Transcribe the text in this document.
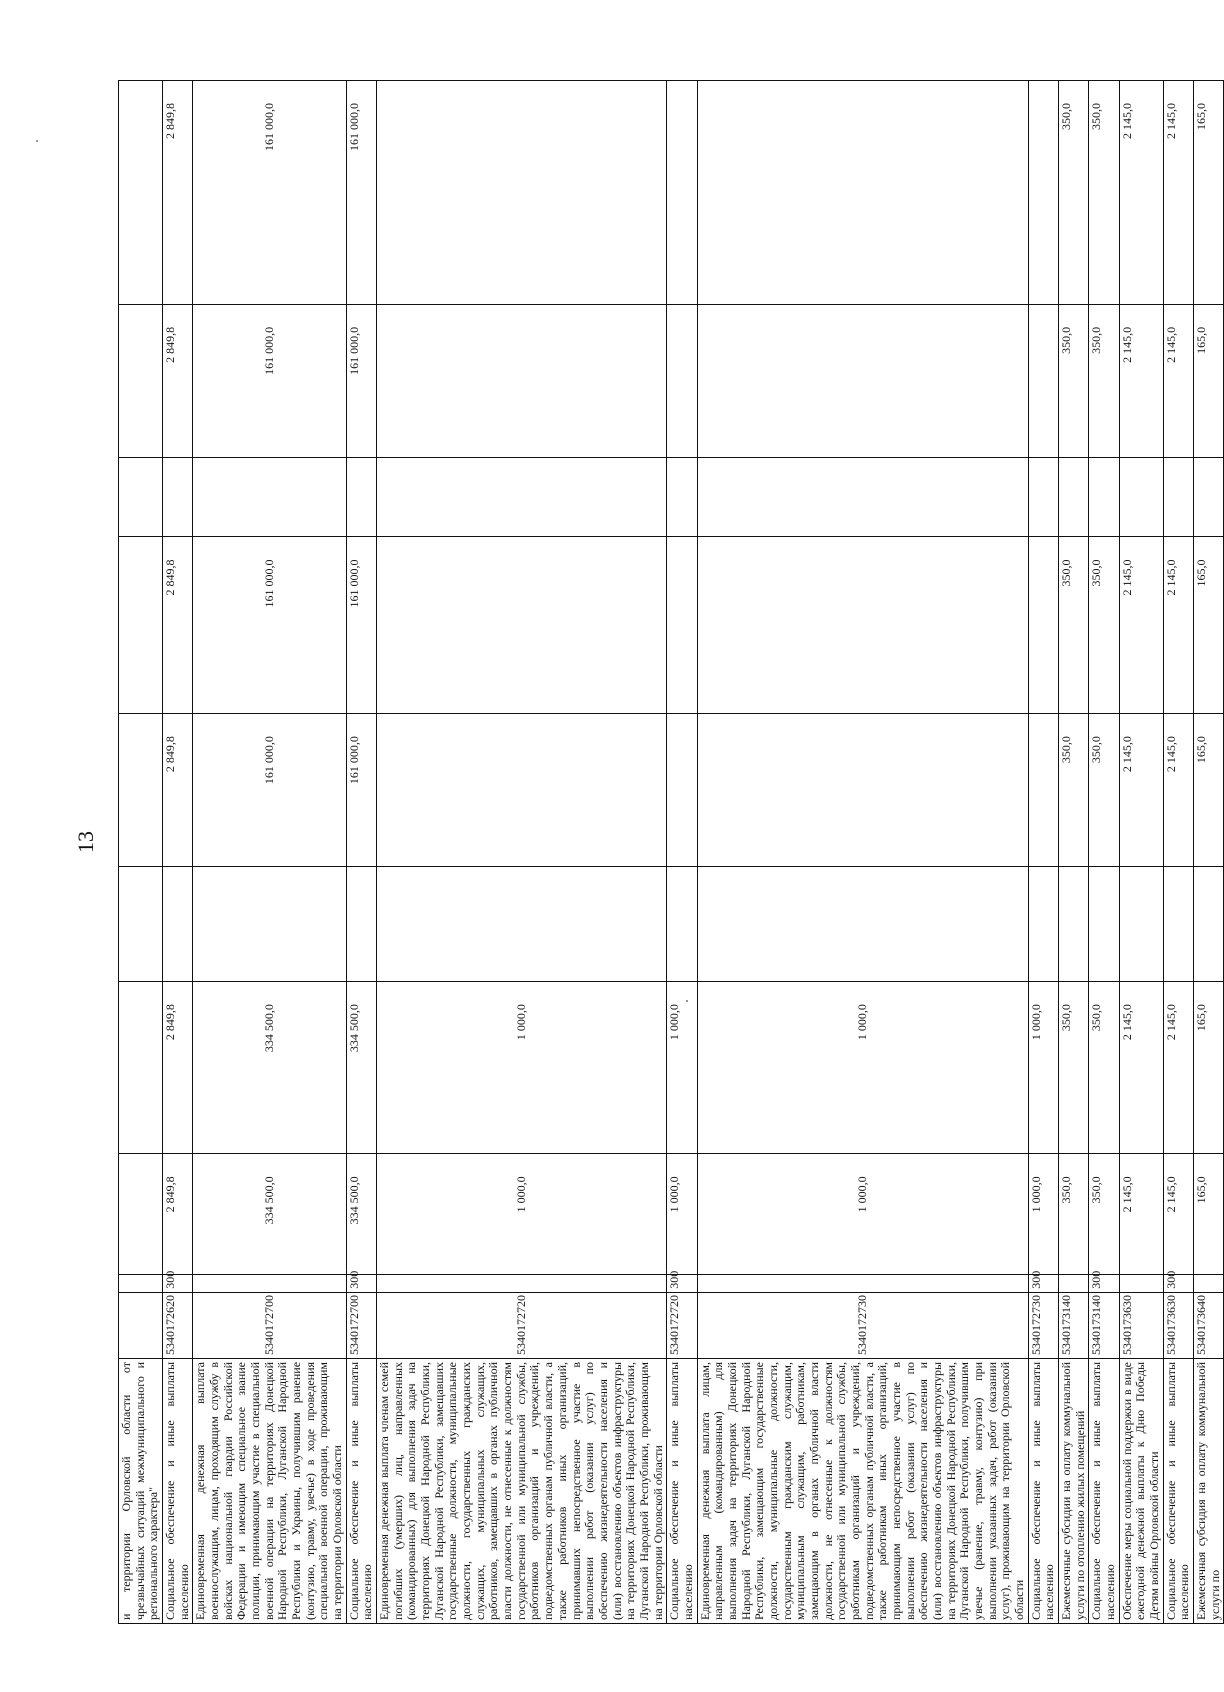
13
и территории Орловской области от чрезвычайных ситуаций межмуниципального и регионального характера"										
Социальное обеспечение и иные выплаты населению	5340172620	300	2 849,8	2 849,8		2 849,8	2 849,8		2 849,8	2 849,8
Единовременная денежная выплата военнослужащим, лицам, проходящим службу в войсках национальной гвардии Российской Федерации и имеющим специальное звание полиции, принимающим участие в специальной военной операции на территориях Донецкой Народной Республики, Луганской Народной Республики и Украины, получившим ранение (контузию, травму, увечье) в ходе проведения специальной военной операции, проживающим на территории Орловской области	5340172700		334 500,0	334 500,0		161 000,0	161 000,0		161 000,0	161 000,0
Социальное обеспечение и иные выплаты населению	5340172700	300	334 500,0	334 500,0		161 000,0	161 000,0		161 000,0	161 000,0
Единовременная денежная выплата членам семей погибших (умерших) лиц, направленных (командированных) для выполнения задач на территориях Донецкой Народной Республики, Луганской Народной Республики, замещавших государственные должности, муниципальные должности, государственных гражданских служащих, муниципальных служащих, работников, замещавших в органах публичной власти должности, не отнесенные к должностям государственной или муниципальной службы, работников организаций и учреждений, подведомственных органам публичной власти, а также работников иных организаций, принимавших непосредственное участие в выполнении работ (оказании услуг) по обеспечению жизнедеятельности населения и (или) восстановлению объектов инфраструктуры на территориях Донецкой Народной Республики, Луганской Народной Республики, проживающим на территории Орловской области	5340172720		1 000,0	1 000,0						
Социальное обеспечение и иные выплаты населению	5340172720	300	1 000,0	1 000,0						
Единовременная денежная выплата лицам, направленным (командированным) для выполнения задач на территориях Донецкой Народной Республики, Луганской Народной Республики, замещающим государственные должности, муниципальные должности, государственным гражданским служащим, муниципальным служащим, работникам, замещающим в органах публичной власти должности, не отнесенные к должностям государственной или муниципальной службы, работникам организаций и учреждений, подведомственных органам публичной власти, а также работникам иных организаций, принимающим непосредственное участие в выполнении работ (оказании услуг) по обеспечению жизнедеятельности населения и (или) восстановлению объектов инфраструктуры на территориях Донецкой Народной Республики, Луганской Народной Республики, получившим увечье (ранение, травму, контузию) при выполнении указанных задач, работ (оказании услуг), проживающим на территории Орловской области	5340172730		1 000,0	1 000,0						
Социальное обеспечение и иные выплаты населению	5340172730	300	1 000,0	1 000,0						
Ежемесячные субсидии на оплату коммунальной услуги по отоплению жилых помещений	5340173140		350,0	350,0		350,0	350,0		350,0	350,0
Социальное обеспечение и иные выплаты населению	5340173140	300	350,0	350,0		350,0	350,0		350,0	350,0
Обеспечение меры социальной поддержки в виде ежегодной денежной выплаты к Дню Победы Детям войны Орловской области	5340173630		2 145,0	2 145,0		2 145,0	2 145,0		2 145,0	2 145,0
Социальное обеспечение и иные выплаты населению	5340173630	300	2 145,0	2 145,0		2 145,0	2 145,0		2 145,0	2 145,0
Ежемесячная субсидия на оплату коммунальной услуги по	5340173640		165,0	165,0		165,0	165,0		165,0	165,0
